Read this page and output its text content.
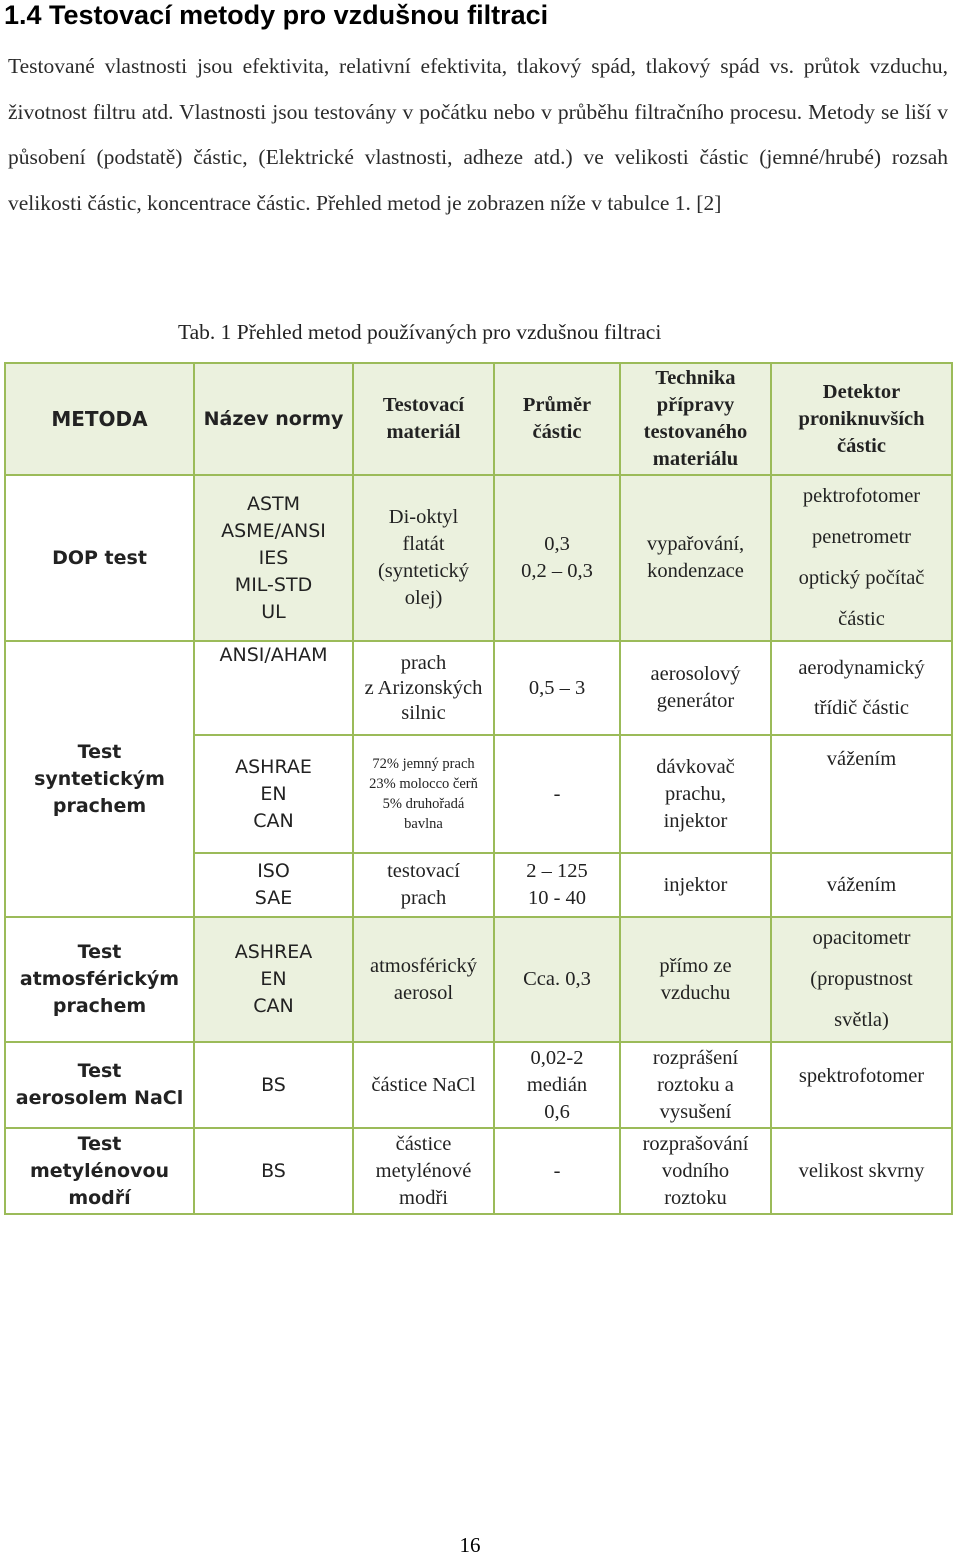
1.4 Testovací metody pro vzdušnou filtraci

Testované vlastnosti jsou efektivita, relativní efektivita, tlakový spád, tlakový spád vs. průtok vzduchu, životnost filtru atd. Vlastnosti jsou testovány v počátku nebo v průběhu filtračního procesu. Metody se liší v působení (podstatě) částic, (Elektrické vlastnosti, adheze atd.) ve velikosti částic (jemné/hrubé) rozsah velikosti částic, koncentrace částic. Přehled metod je zobrazen níže v tabulce 1. [2]

Tab. 1 Přehled metod používaných pro vzdušnou filtraci

METODA	Název normy	Testovací
materiál	Průměr
částic	Technika
přípravy
testovaného
materiálu	Detektor
proniknuvších
částic

DOP test	ASTM
ASME/ANSI
IES
MIL-STD
UL	Di-oktyl
flatát
(syntetický
olej)	0,3
0,2 – 0,3	vypařování,
kondenzace	pektrofotomer
penetrometr
optický počítač
částic

Test
syntetickým
prachem	ANSI/AHAM	prach
z Arizonských
silnic	0,5 – 3	aerosolový
generátor	aerodynamický
třídič částic

	ASHRAE
EN
CAN	72% jemný prach
23% molocco čerň
5% druhořadá
bavlna	-	dávkovač
prachu,
injektor	vážením

	ISO
SAE	testovací
prach	2 – 125
10 - 40	injektor	vážením

Test
atmosférickým
prachem	ASHREA
EN
CAN	atmosférický
aerosol	Cca. 0,3	přímo ze
vzduchu	opacitometr
(propustnost
světla)

Test
aerosolem NaCl	BS	částice NaCl	0,02-2
medián
0,6	rozprášení
roztoku a
vysušení	spektrofotomer

Test
metylénovou
modří	BS	částice
metylénové
modři	-	rozprašování
vodního
roztoku	velikost skvrny

16
